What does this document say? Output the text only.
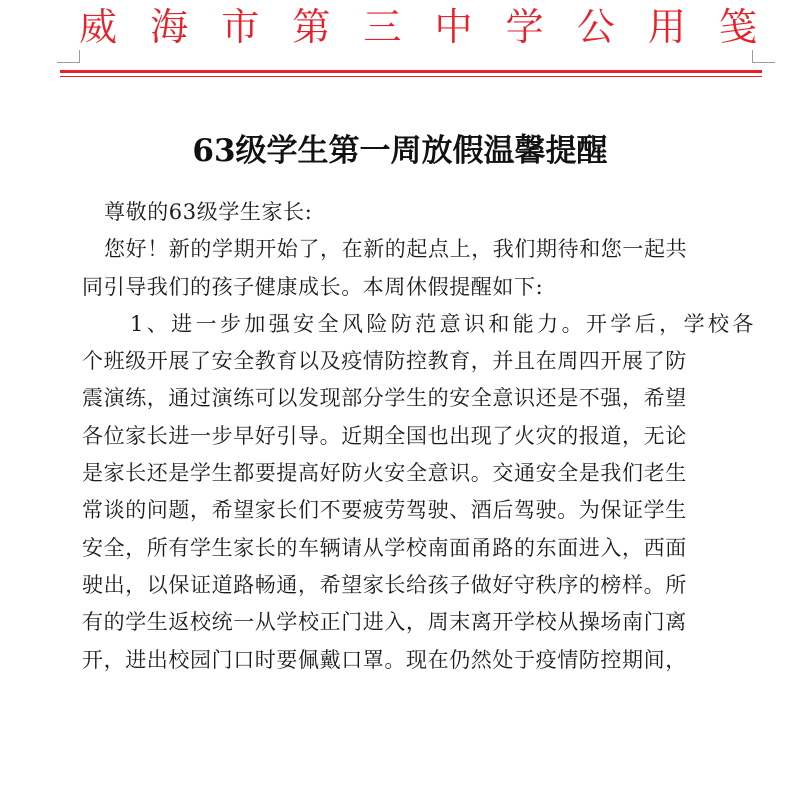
威 海 市 第 三 中 学 公 用 笺
63级学生第一周放假温馨提醒

尊敬的63级学生家长:

您好！新的学期开始了，在新的起点上，我们期待和您一起共

同引导我们的孩子健康成长。本周休假提醒如下:

1、进一步加强安全风险防范意识和能力。开学后，学校各

个班级开展了安全教育以及疫情防控教育，并且在周四开展了防

震演练，通过演练可以发现部分学生的安全意识还是不强，希望

各位家长进一步早好引导。近期全国也出现了火灾的报道，无论

是家长还是学生都要提高好防火安全意识。交通安全是我们老生

常谈的问题，希望家长们不要疲劳驾驶、酒后驾驶。为保证学生

安全，所有学生家长的车辆请从学校南面甬路的东面进入，西面

驶出，以保证道路畅通，希望家长给孩子做好守秩序的榜样。所

有的学生返校统一从学校正门进入，周末离开学校从操场南门离

开，进出校园门口时要佩戴口罩。现在仍然处于疫情防控期间，
